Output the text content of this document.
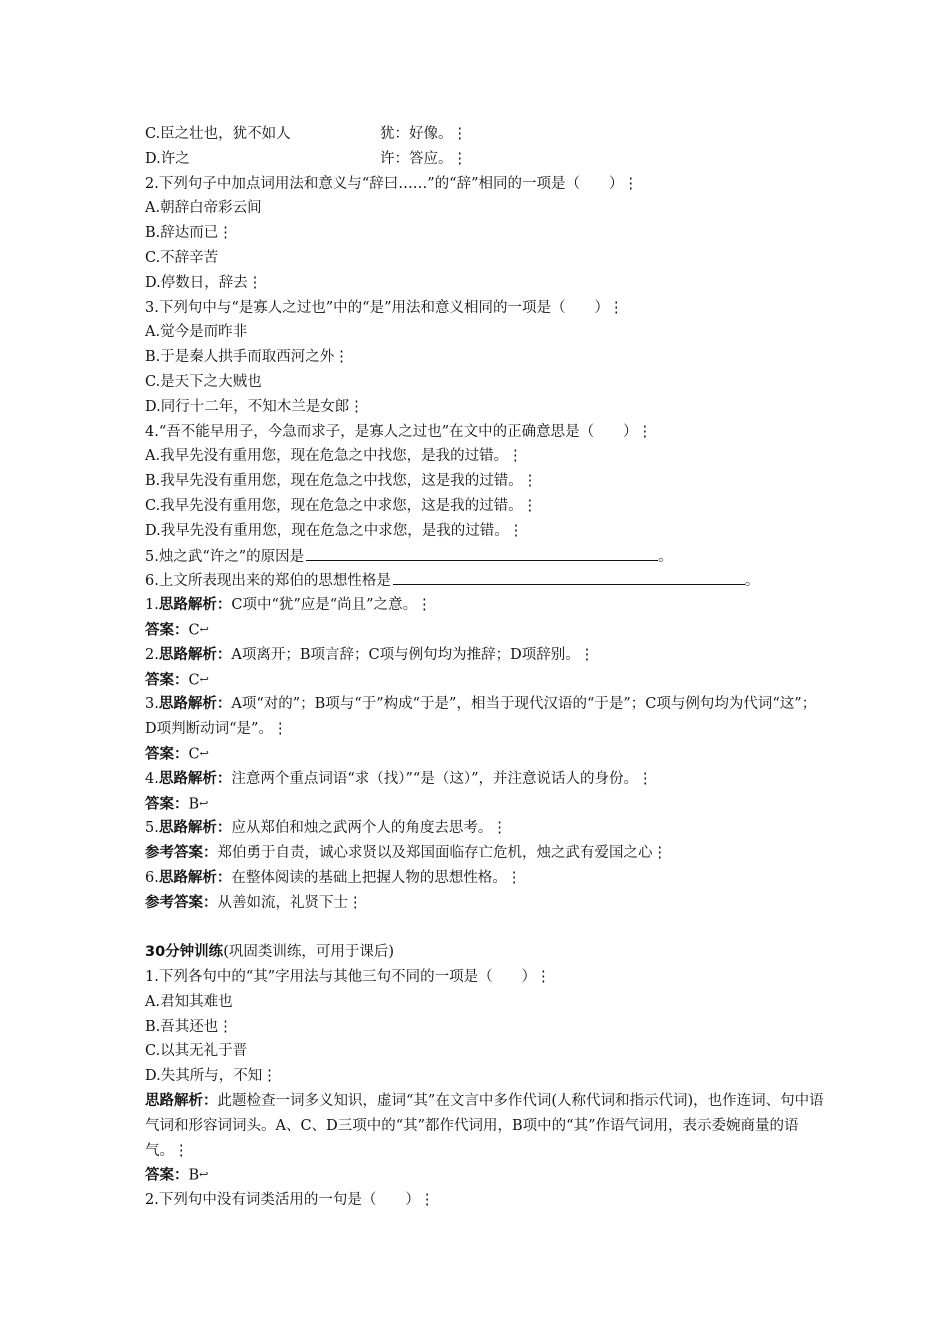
C.臣之壮也，犹不如人	犹：好像。⋮
D.许之	许：答应。⋮
2.下列句子中加点词用法和意义与“辞曰……”的“辞”相同的一项是（　　）⋮
A.朝辞白帝彩云间
B.辞达而已⋮
C.不辞辛苦
D.停数日，辞去⋮
3.下列句中与“是寡人之过也”中的“是”用法和意义相同的一项是（　　）⋮
A.觉今是而昨非
B.于是秦人拱手而取西河之外⋮
C.是天下之大贼也
D.同行十二年，不知木兰是女郎⋮
4.“吾不能早用子，今急而求子，是寡人之过也”在文中的正确意思是（　　）⋮
A.我早先没有重用您，现在危急之中找您，是我的过错。⋮
B.我早先没有重用您，现在危急之中找您，这是我的过错。⋮
C.我早先没有重用您，现在危急之中求您，这是我的过错。⋮
D.我早先没有重用您，现在危急之中求您，是我的过错。⋮
5.烛之武“许之”的原因是	。
6.上文所表现出来的郑伯的思想性格是	。
1.思路解析：C项中“犹”应是“尚且”之意。⋮
答案：C↩
2.思路解析：A项离开；B项言辞；C项与例句均为推辞；D项辞别。⋮
答案：C↩
3.思路解析：A项“对的”；B项与“于”构成“于是”，相当于现代汉语的“于是”；C项与例句均为代词“这”；D项判断动词“是”。⋮
答案：C↩
4.思路解析：注意两个重点词语“求（找）”“是（这）”，并注意说话人的身份。⋮
答案：B↩
5.思路解析：应从郑伯和烛之武两个人的角度去思考。⋮
参考答案：郑伯勇于自责，诚心求贤以及郑国面临存亡危机，烛之武有爱国之心⋮
6.思路解析：在整体阅读的基础上把握人物的思想性格。⋮
参考答案：从善如流，礼贤下士⋮
30分钟训练(巩固类训练，可用于课后)
1.下列各句中的“其”字用法与其他三句不同的一项是（　　）⋮
A.君知其难也
B.吾其还也⋮
C.以其无礼于晋
D.失其所与，不知⋮
思路解析：此题检查一词多义知识，虚词“其”在文言中多作代词(人称代词和指示代词)，也作连词、句中语气词和形容词词头。A、C、D三项中的“其”都作代词用，B项中的“其”作语气词用，表示委婉商量的语气。⋮
答案：B↩
2.下列句中没有词类活用的一句是（　　）⋮
